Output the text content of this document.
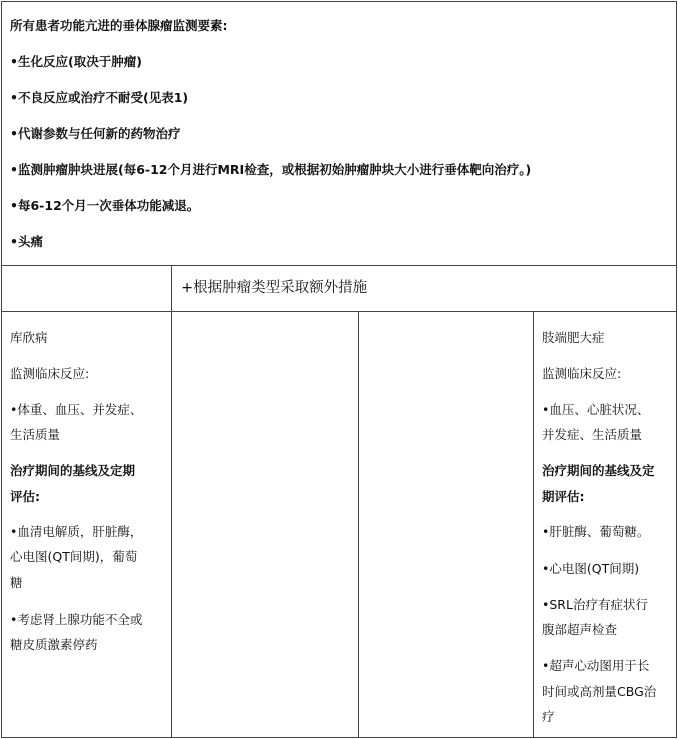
所有患者功能亢进的垂体腺瘤监测要素:
•生化反应(取决于肿瘤)
•不良反应或治疗不耐受(见表1)
•代谢参数与任何新的药物治疗
•监测肿瘤肿块进展(每6-12个月进行MRI检查，或根据初始肿瘤肿块大小进行垂体靶向治疗。)
•每6-12个月一次垂体功能减退。
•头痛
+根据肿瘤类型采取额外措施
库欣病
监测临床反应:
•体重、血压、并发症、
生活质量
治疗期间的基线及定期
评估:
•血清电解质，肝脏酶，
心电图(QT间期)，葡萄
糖
•考虑肾上腺功能不全或
糖皮质激素停药
肢端肥大症
监测临床反应:
•血压、心脏状况、
并发症、生活质量
治疗期间的基线及定
期评估:
•肝脏酶、葡萄糖。
•心电图(QT间期)
•SRL治疗有症状行
腹部超声检查
•超声心动图用于长
时间或高剂量CBG治
疗
